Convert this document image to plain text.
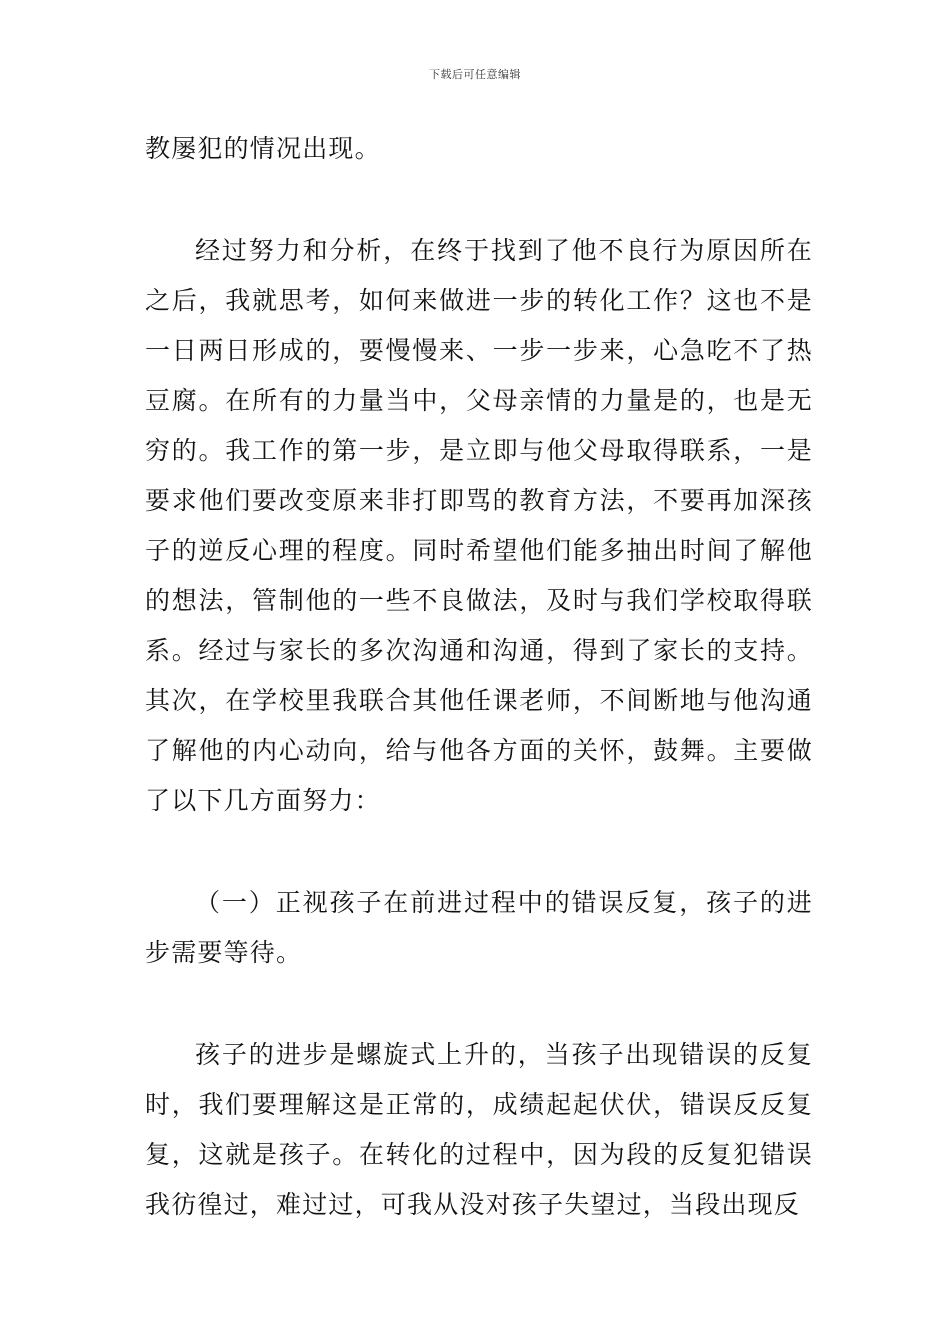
下载后可任意编辑

教屡犯的情况出现。

经过努力和分析，在终于找到了他不良行为原因所在之后，我就思考，如何来做进一步的转化工作？这也不是一日两日形成的，要慢慢来、一步一步来，心急吃不了热豆腐。在所有的力量当中，父母亲情的力量是的，也是无穷的。我工作的第一步，是立即与他父母取得联系，一是要求他们要改变原来非打即骂的教育方法，不要再加深孩子的逆反心理的程度。同时希望他们能多抽出时间了解他的想法，管制他的一些不良做法，及时与我们学校取得联系。经过与家长的多次沟通和沟通，得到了家长的支持。其次，在学校里我联合其他任课老师，不间断地与他沟通了解他的内心动向，给与他各方面的关怀，鼓舞。主要做了以下几方面努力：

（一）正视孩子在前进过程中的错误反复，孩子的进步需要等待。

孩子的进步是螺旋式上升的，当孩子出现错误的反复时，我们要理解这是正常的，成绩起起伏伏，错误反反复复，这就是孩子。在转化的过程中，因为段的反复犯错误我彷徨过，难过过，可我从没对孩子失望过，当段出现反
